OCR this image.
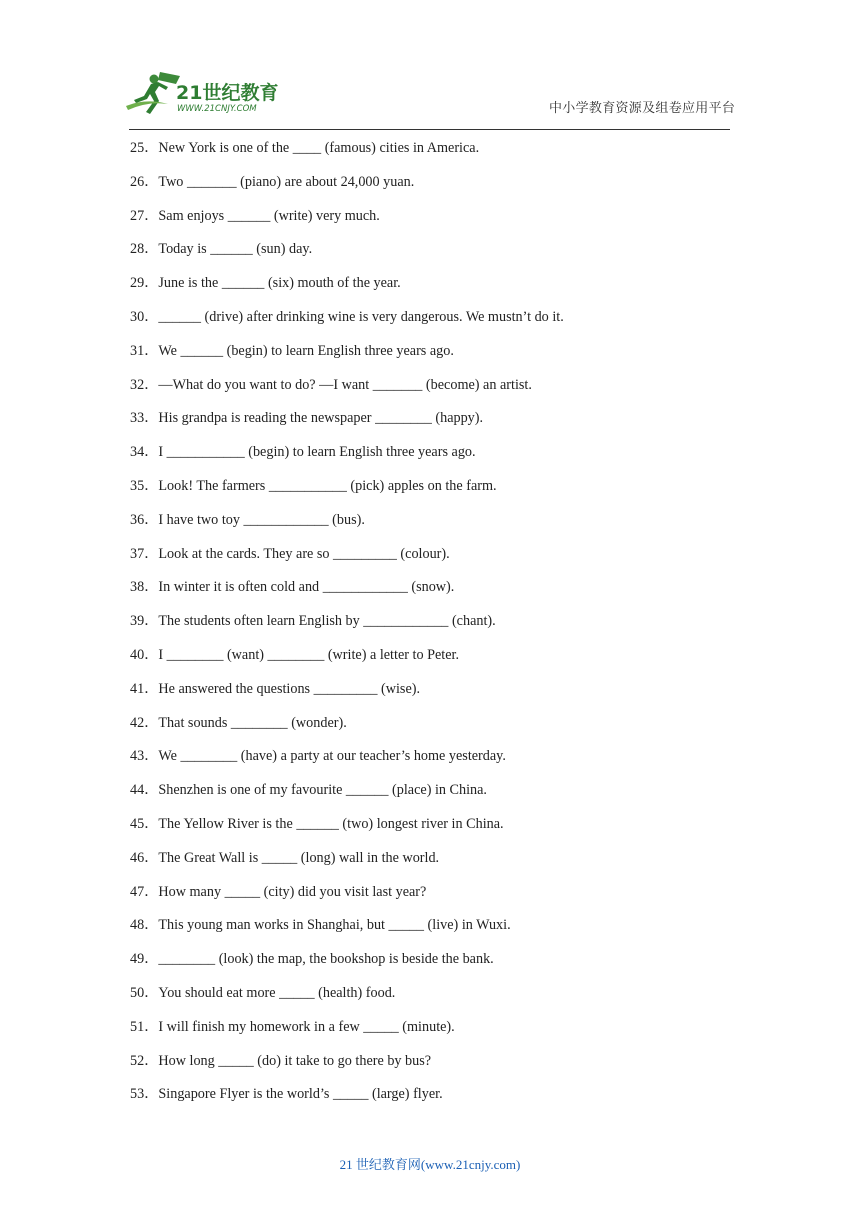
21世纪教育
WWW.21CNJY.COM	中小学教育资源及组卷应用平台
25．New York is one of the ____ (famous) cities in America.
26．Two _______ (piano) are about 24,000 yuan.
27．Sam enjoys ______ (write) very much.
28．Today is ______ (sun) day.
29．June is the ______ (six) mouth of the year.
30．______ (drive) after drinking wine is very dangerous. We mustn’t do it.
31．We ______ (begin) to learn English three years ago.
32．—What do you want to do? —I want _______ (become) an artist.
33．His grandpa is reading the newspaper ________ (happy).
34．I ___________ (begin) to learn English three years ago.
35．Look! The farmers ___________ (pick) apples on the farm.
36．I have two toy ____________ (bus).
37．Look at the cards. They are so _________ (colour).
38．In winter it is often cold and ____________ (snow).
39．The students often learn English by ____________ (chant).
40．I ________ (want) ________ (write) a letter to Peter.
41．He answered the questions _________ (wise).
42．That sounds ________ (wonder).
43．We ________ (have) a party at our teacher’s home yesterday.
44．Shenzhen is one of my favourite ______ (place) in China.
45．The Yellow River is the ______ (two) longest river in China.
46．The Great Wall is _____ (long) wall in the world.
47．How many _____ (city) did you visit last year?
48．This young man works in Shanghai, but _____ (live) in Wuxi.
49．________ (look) the map, the bookshop is beside the bank.
50．You should eat more _____ (health) food.
51．I will finish my homework in a few _____ (minute).
52．How long _____ (do) it take to go there by bus?
53．Singapore Flyer is the world’s _____ (large) flyer.
21 世纪教育网(www.21cnjy.com)
